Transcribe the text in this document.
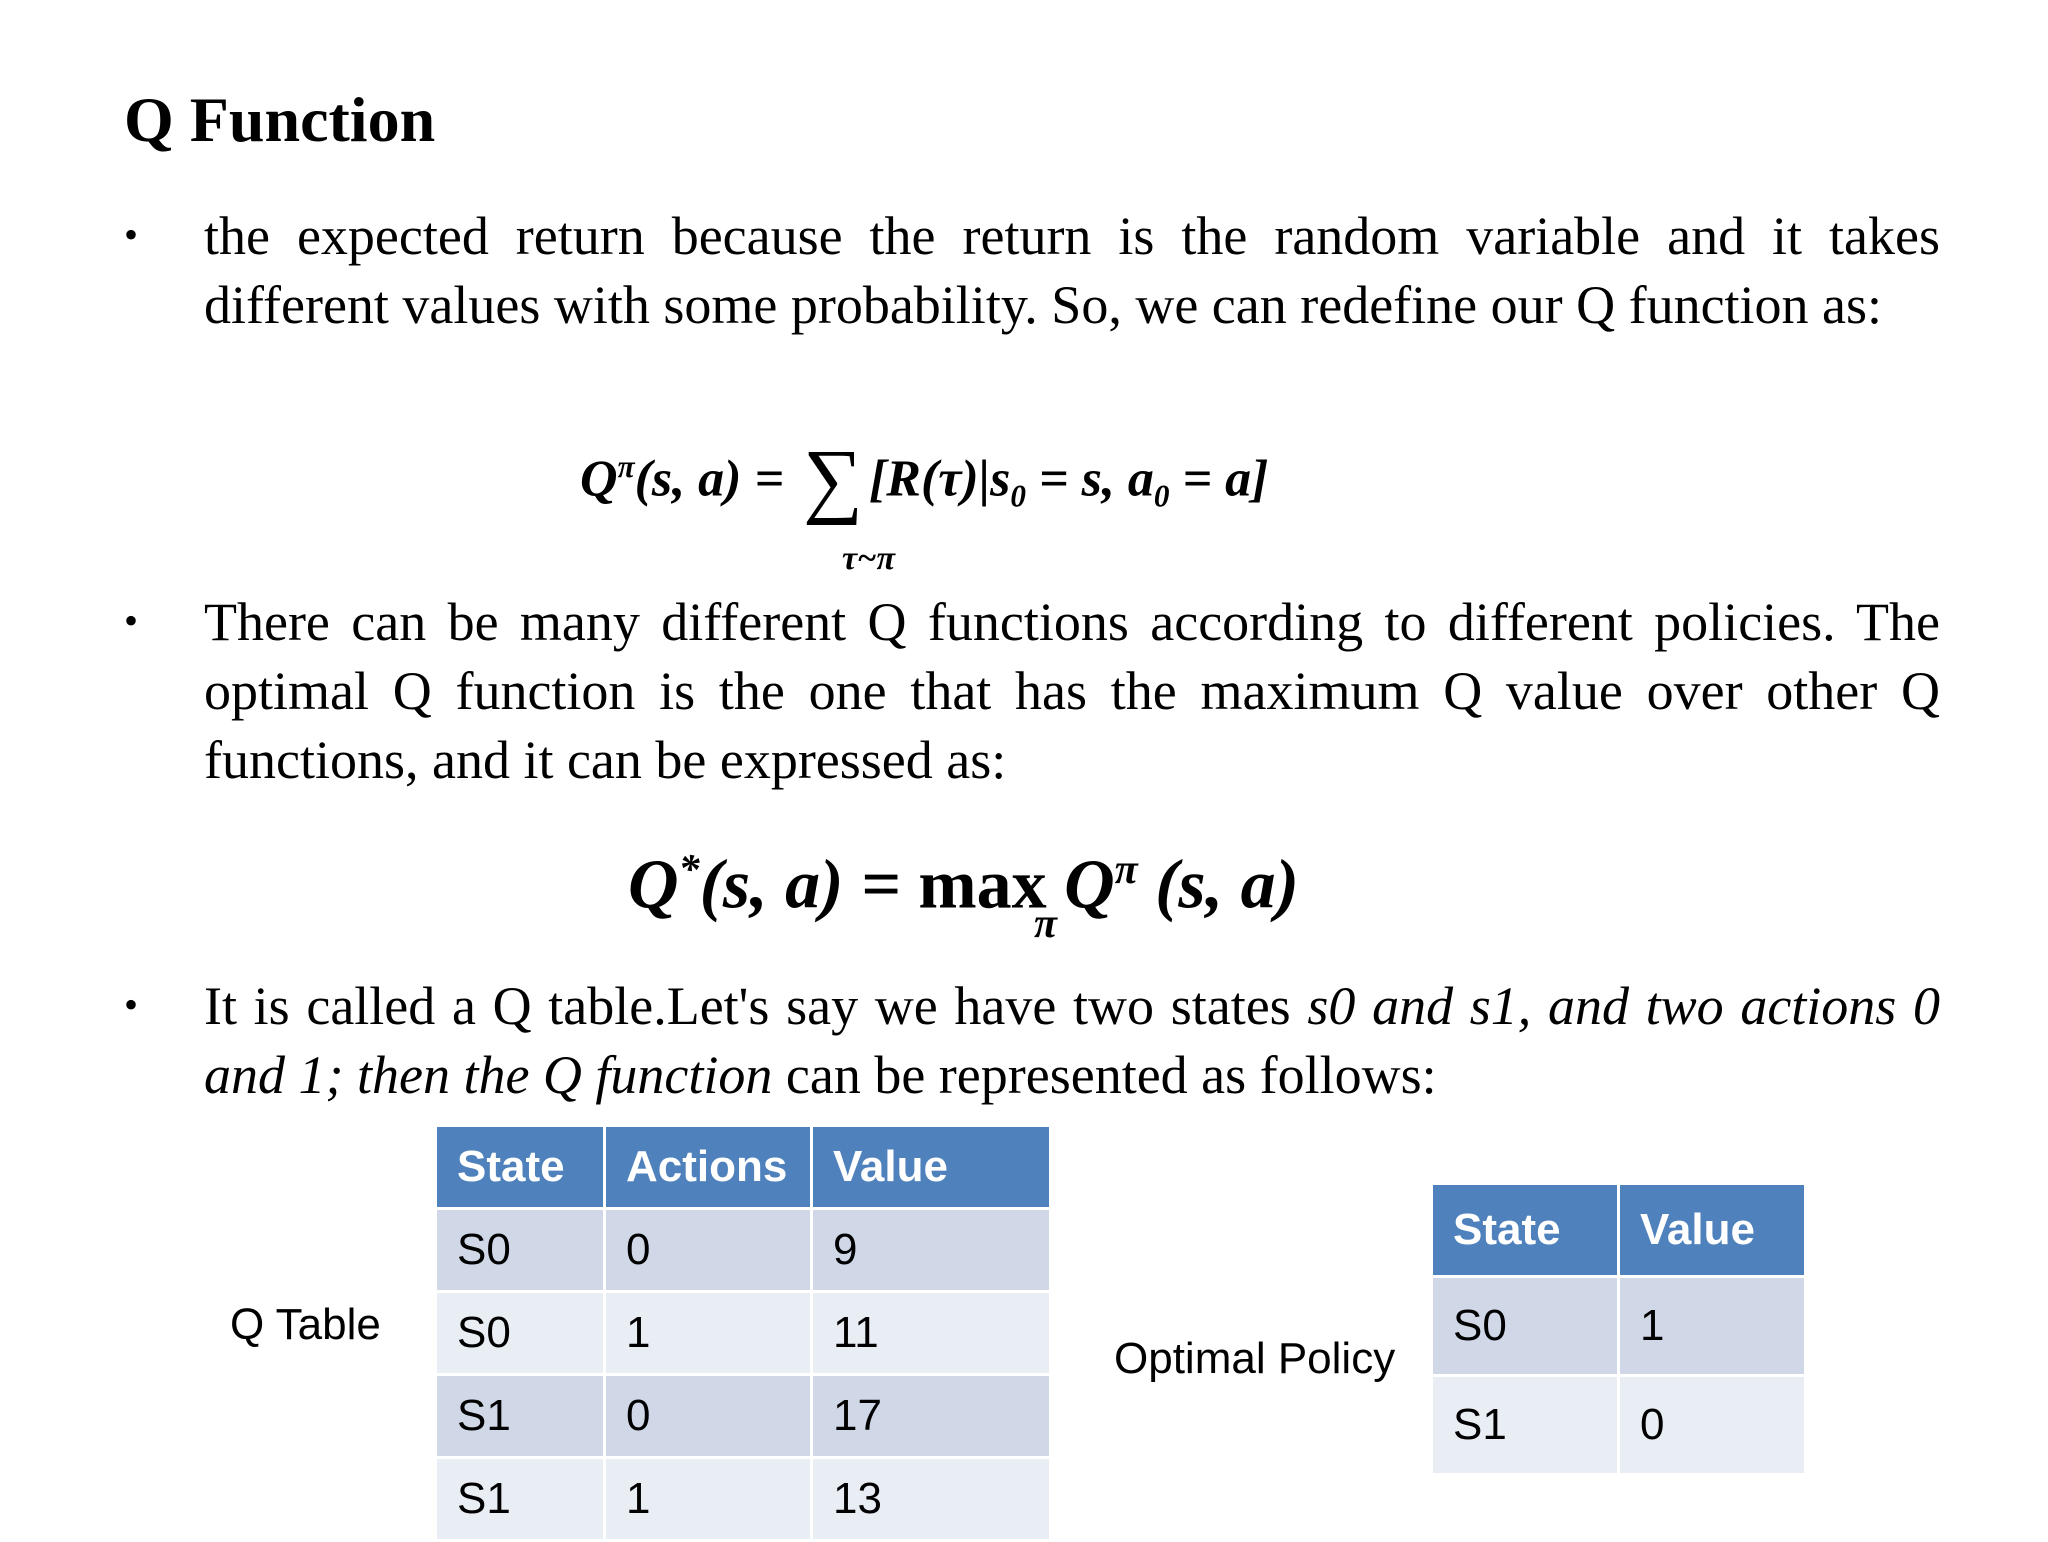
Q Function
• the expected return because the return is the random variable and it takes different values with some probability. So, we can redefine our Q function as:

$Q^\pi(s$, a) = ∑ [$R(\tau)|s_0 = s$, $a_0 = a$]
τ~π
• There can be many different Q functions according to different policies. The optimal Q function is the one that has the maximum Q value over other Q functions, and it can be expressed as:

Q*(s, $a) = \max Q^\pi$ (s, a)
π
• It is called a Q table.Let's say we have two states s0 and s1, and two actions 0 and 1; then the Q function can be represented as follows:

Q Table
State	Actions	Value
S0	0	9
S0	1	11
S1	0	17
S1	1	13
Optimal Policy
State	Value
S0	1
S1	0
